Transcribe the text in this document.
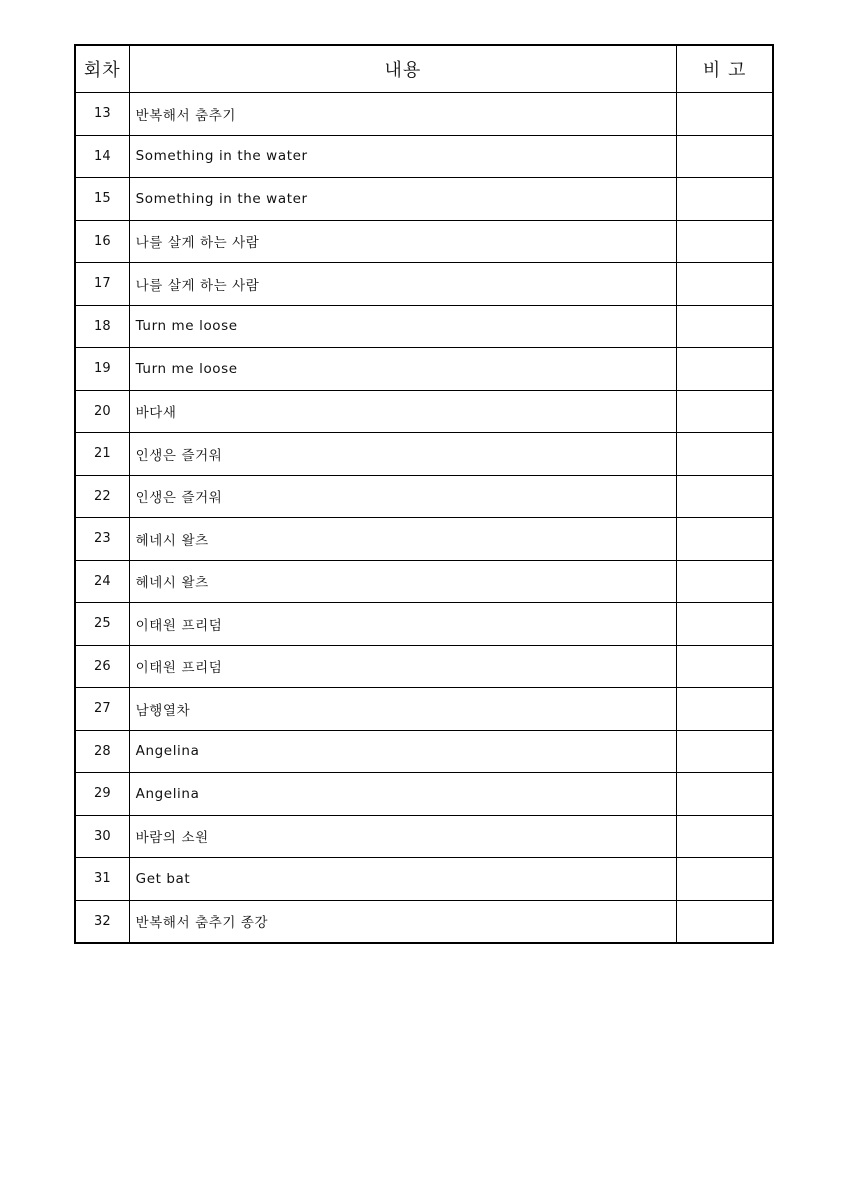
회차	내용	비 고
13	반복해서 춤추기	
14	Something in the water	
15	Something in the water	
16	나를 살게 하는 사람	
17	나를 살게 하는 사람	
18	Turn me loose	
19	Turn me loose	
20	바다새	
21	인생은 즐거워	
22	인생은 즐거워	
23	헤네시 왈츠	
24	헤네시 왈츠	
25	이태원 프리덤	
26	이태원 프리덤	
27	남행열차	
28	Angelina	
29	Angelina	
30	바람의 소원	
31	Get bat	
32	반복해서 춤추기 종강	
